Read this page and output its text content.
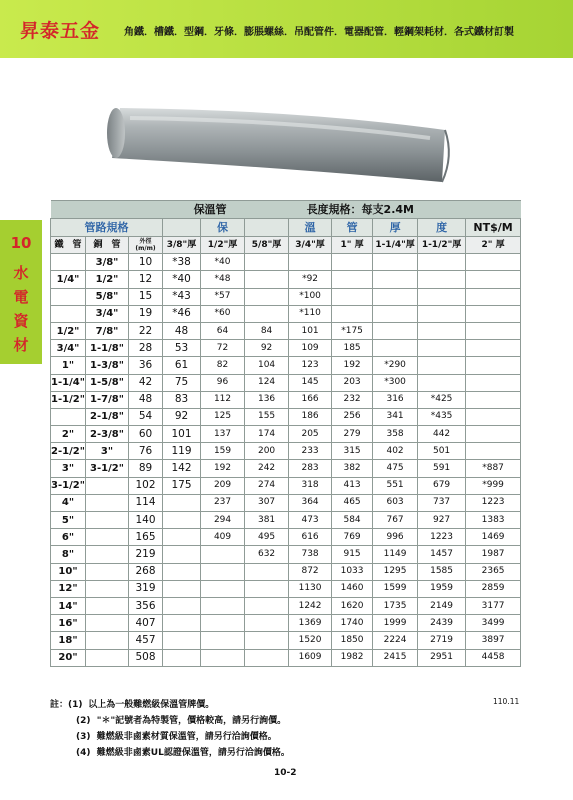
昇泰五金 角鐵．槽鐵．型鋼．牙條．膨脹螺絲．吊配管件．電器配管．輕鋼架耗材．各式鐵材訂製
10
水
電
資
材
保溫管					長度規格：每支2.4M					
管路規格				保		溫	管	厚	度	NT$/M
鐵　管	銅　管	外徑
(m/m)	3/8"厚	1/2"厚	5/8"厚	3/4"厚	1" 厚	1-1/4"厚	1-1/2"厚	2" 厚
	3/8"	10	*38	*40						
1/4"	1/2"	12	*40	*48		*92				
	5/8"	15	*43	*57		*100				
	3/4"	19	*46	*60		*110				
1/2"	7/8"	22	48	64	84	101	*175			
3/4"	1-1/8"	28	53	72	92	109	185			
1"	1-3/8"	36	61	82	104	123	192	*290		
1-1/4"	1-5/8"	42	75	96	124	145	203	*300		
1-1/2"	1-7/8"	48	83	112	136	166	232	316	*425	
	2-1/8"	54	92	125	155	186	256	341	*435	
2"	2-3/8"	60	101	137	174	205	279	358	442	
2-1/2"	3"	76	119	159	200	233	315	402	501	
3"	3-1/2"	89	142	192	242	283	382	475	591	*887
3-1/2"		102	175	209	274	318	413	551	679	*999
4"		114		237	307	364	465	603	737	1223
5"		140		294	381	473	584	767	927	1383
6"		165		409	495	616	769	996	1223	1469
8"		219			632	738	915	1149	1457	1987
10"		268				872	1033	1295	1585	2365
12"		319				1130	1460	1599	1959	2859
14"		356				1242	1620	1735	2149	3177
16"		407				1369	1740	1999	2439	3499
18"		457				1520	1850	2224	2719	3897
20"		508				1609	1982	2415	2951	4458
註：(1) 以上為一般難燃級保溫管牌價。
(2) "＊"記號者為特製管，價格較高，請另行詢價。
(3) 難燃級非鹵素材質保溫管，請另行洽詢價格。
(4) 難燃級非鹵素UL認證保溫管，請另行洽詢價格。
110.11
10-2
